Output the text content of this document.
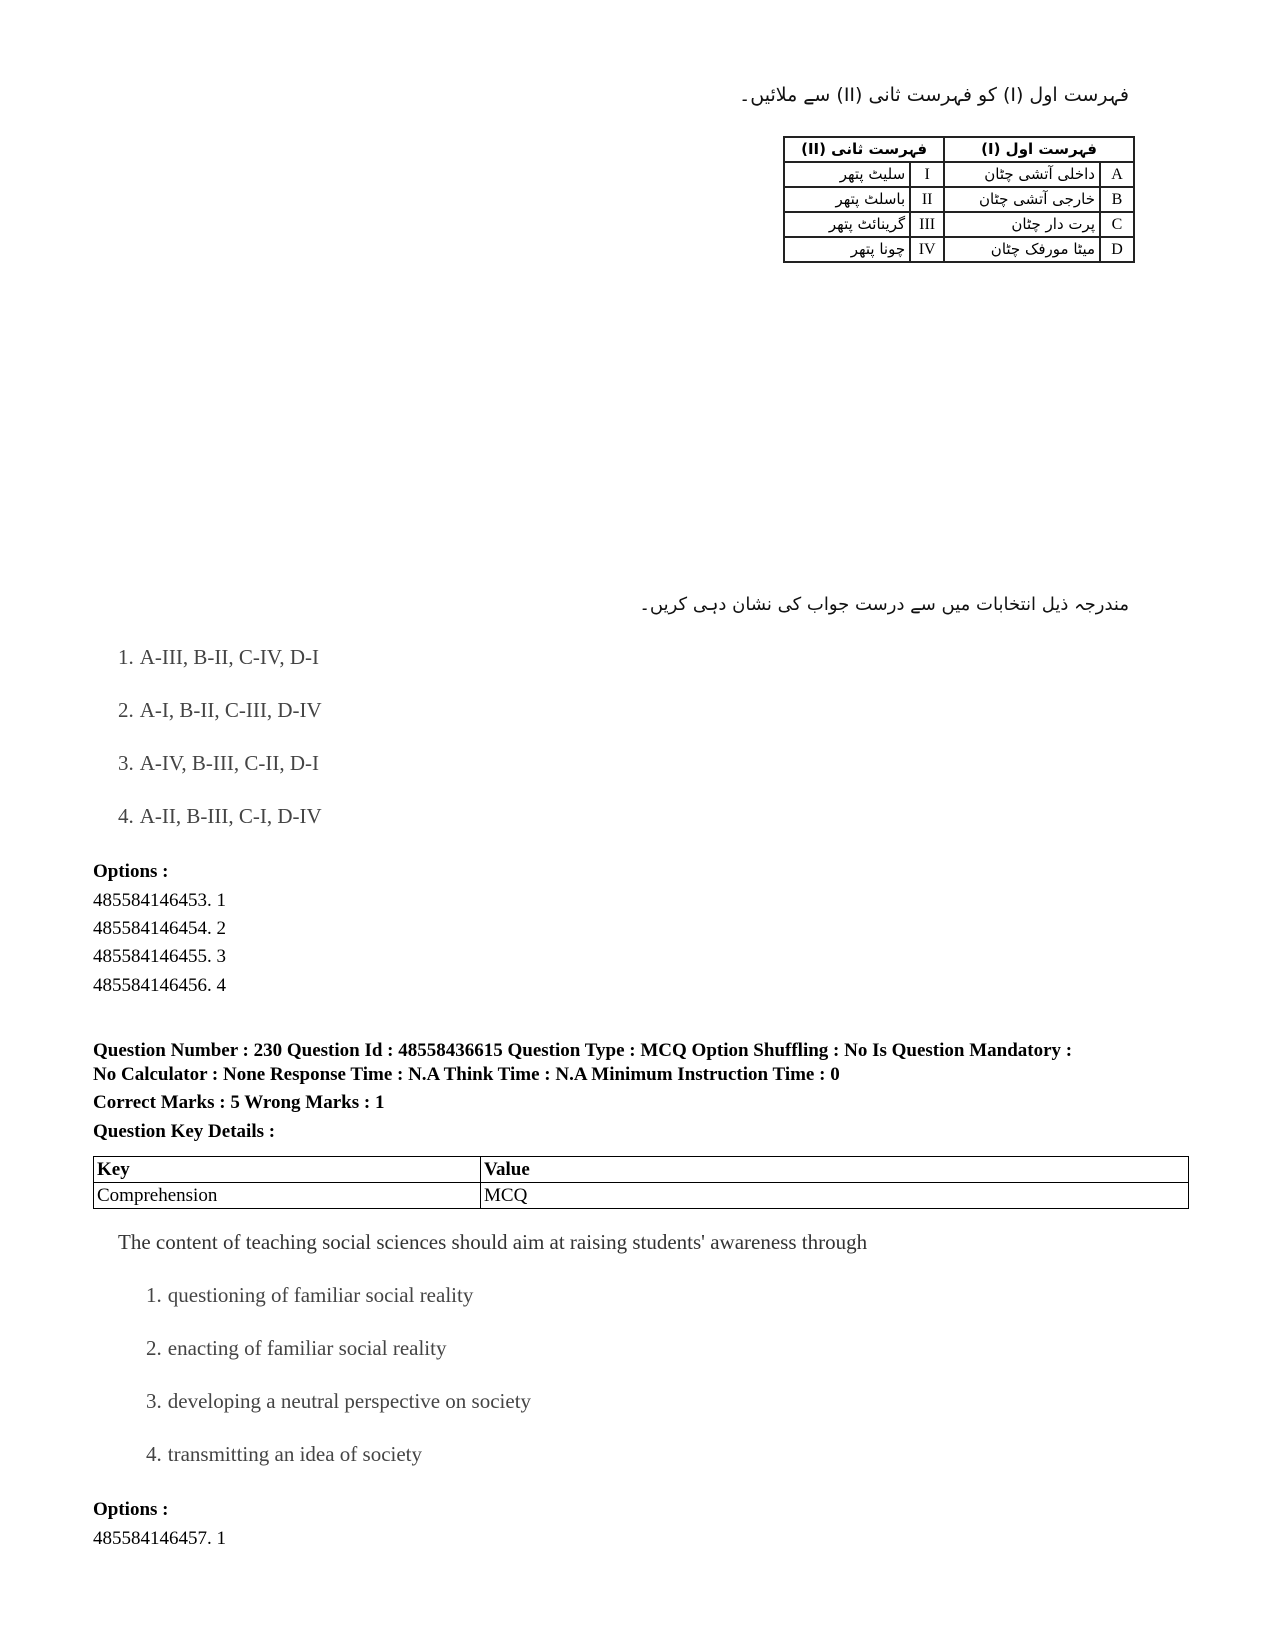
فہرست اول (I) کو فہرست ثانی (II) سے ملائیں۔
فہرست اول (I)		فہرست ثانی (II)	
A	داخلی آتشی چٹان	I	سلیٹ پتھر
B	خارجی آتشی چٹان	II	باسلٹ پتھر
C	پرت دار چٹان	III	گرینائٹ پتھر
D	میٹا مورفک چٹان	IV	چونا پتھر
مندرجہ ذیل انتخابات میں سے درست جواب کی نشان دہی کریں۔
1. A-III, B-II, C-IV, D-I
2. A-I, B-II, C-III, D-IV
3. A-IV, B-III, C-II, D-I
4. A-II, B-III, C-I, D-IV
Options :
485584146453. 1
485584146454. 2
485584146455. 3
485584146456. 4
Question Number : 230 Question Id : 48558436615 Question Type : MCQ Option Shuffling : No Is Question Mandatory :
No Calculator : None Response Time : N.A Think Time : N.A Minimum Instruction Time : 0
Correct Marks : 5 Wrong Marks : 1
Question Key Details :
Key	Value
Comprehension	MCQ
The content of teaching social sciences should aim at raising students' awareness through
1. questioning of familiar social reality
2. enacting of familiar social reality
3. developing a neutral perspective on society
4. transmitting an idea of society
Options :
485584146457. 1
